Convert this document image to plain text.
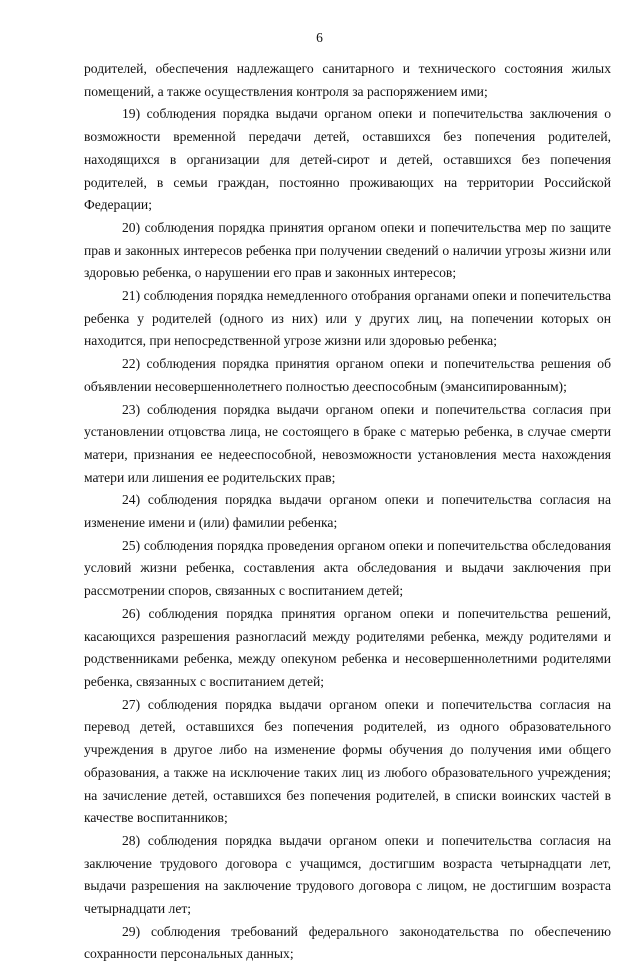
6

родителей, обеспечения надлежащего санитарного и технического состояния жилых помещений, а также осуществления контроля за распоряжением ими;

19) соблюдения порядка выдачи органом опеки и попечительства заключения о возможности временной передачи детей, оставшихся без попечения родителей, находящихся в организации для детей-сирот и детей, оставшихся без попечения родителей, в семьи граждан, постоянно проживающих на территории Российской Федерации;

20) соблюдения порядка принятия органом опеки и попечительства мер по защите прав и законных интересов ребенка при получении сведений о наличии угрозы жизни или здоровью ребенка, о нарушении его прав и законных интересов;

21) соблюдения порядка немедленного отобрания органами опеки и попечительства ребенка у родителей (одного из них) или у других лиц, на попечении которых он находится, при непосредственной угрозе жизни или здоровью ребенка;

22) соблюдения порядка принятия органом опеки и попечительства решения об объявлении несовершеннолетнего полностью дееспособным (эмансипированным);

23) соблюдения порядка выдачи органом опеки и попечительства согласия при установлении отцовства лица, не состоящего в браке с матерью ребенка, в случае смерти матери, признания ее недееспособной, невозможности установления места нахождения матери или лишения ее родительских прав;

24) соблюдения порядка выдачи органом опеки и попечительства согласия на изменение имени и (или) фамилии ребенка;

25) соблюдения порядка проведения органом опеки и попечительства обследования условий жизни ребенка, составления акта обследования и выдачи заключения при рассмотрении споров, связанных с воспитанием детей;

26) соблюдения порядка принятия органом опеки и попечительства решений, касающихся разрешения разногласий между родителями ребенка, между родителями и родственниками ребенка, между опекуном ребенка и несовершеннолетними родителями ребенка, связанных с воспитанием детей;

27) соблюдения порядка выдачи органом опеки и попечительства согласия на перевод детей, оставшихся без попечения родителей, из одного образовательного учреждения в другое либо на изменение формы обучения до получения ими общего образования, а также на исключение таких лиц из любого образовательного учреждения; на зачисление детей, оставшихся без попечения родителей, в списки воинских частей в качестве воспитанников;

28) соблюдения порядка выдачи органом опеки и попечительства согласия на заключение трудового договора с учащимся, достигшим возраста четырнадцати лет, выдачи разрешения на заключение трудового договора с лицом, не достигшим возраста четырнадцати лет;

29) соблюдения требований федерального законодательства по обеспечению сохранности персональных данных;
